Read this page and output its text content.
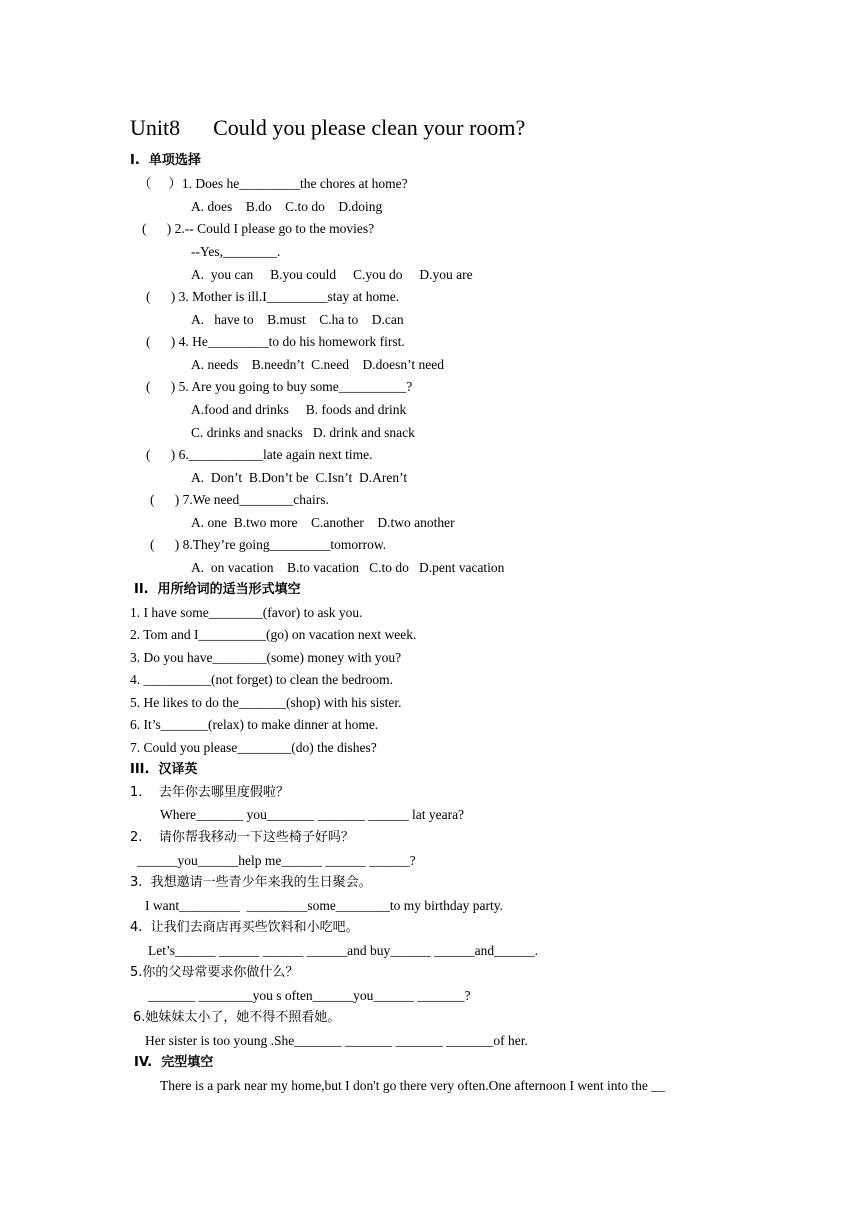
Unit8      Could you please clean your room?
I.  单项选择
（     ）1. Does he_________the chores at home?
A. does    B.do    C.to do    D.doing
(      ) 2.-- Could I please go to the movies?
--Yes,________.
A.  you can     B.you could     C.you do     D.you are
(      ) 3. Mother is ill.I_________stay at home.
A.   have to    B.must    C.ha to    D.can
(      ) 4. He_________to do his homework first.
A. needs    B.needn’t  C.need    D.doesn’t need
(      ) 5. Are you going to buy some__________?
A.food and drinks     B. foods and drink
C. drinks and snacks   D. drink and snack
(      ) 6.___________late again next time.
A.  Don’t  B.Don’t be  C.Isn’t  D.Aren’t
(      ) 7.We need________chairs.
A. one  B.two more    C.another    D.two another
(      ) 8.They’re going_________tomorrow.
A.  on vacation    B.to vacation   C.to do   D.pent vacation
II.  用所给词的适当形式填空
1. I have some________(favor) to ask you.
2. Tom and I__________(go) on vacation next week.
3. Do you have________(some) money with you?
4. __________(not forget) to clean the bedroom.
5. He likes to do the_______(shop) with his sister.
6. It’s_______(relax) to make dinner at home.
7. Could you please________(do) the dishes?
III.  汉译英
1.    去年你去哪里度假啦？
Where_______ you_______ _______ ______ lat yeara?
2.    请你帮我移动一下这些椅子好吗？
______you______help me______ ______ ______?
3.  我想邀请一些青少年来我的生日聚会。
I want_________  _________some________to my birthday party.
4.  让我们去商店再买些饮料和小吃吧。
Let’s______ ______ ______ ______and buy______ ______and______.
5.你的父母常要求你做什么？
_______ ________you s often______you______ _______?
6.她妹妹太小了，她不得不照看她。
Her sister is too young .She_______ _______ _______ _______of her.
IV.  完型填空
There is a park near my home,but I don't go there very often.One afternoon I went into the __
